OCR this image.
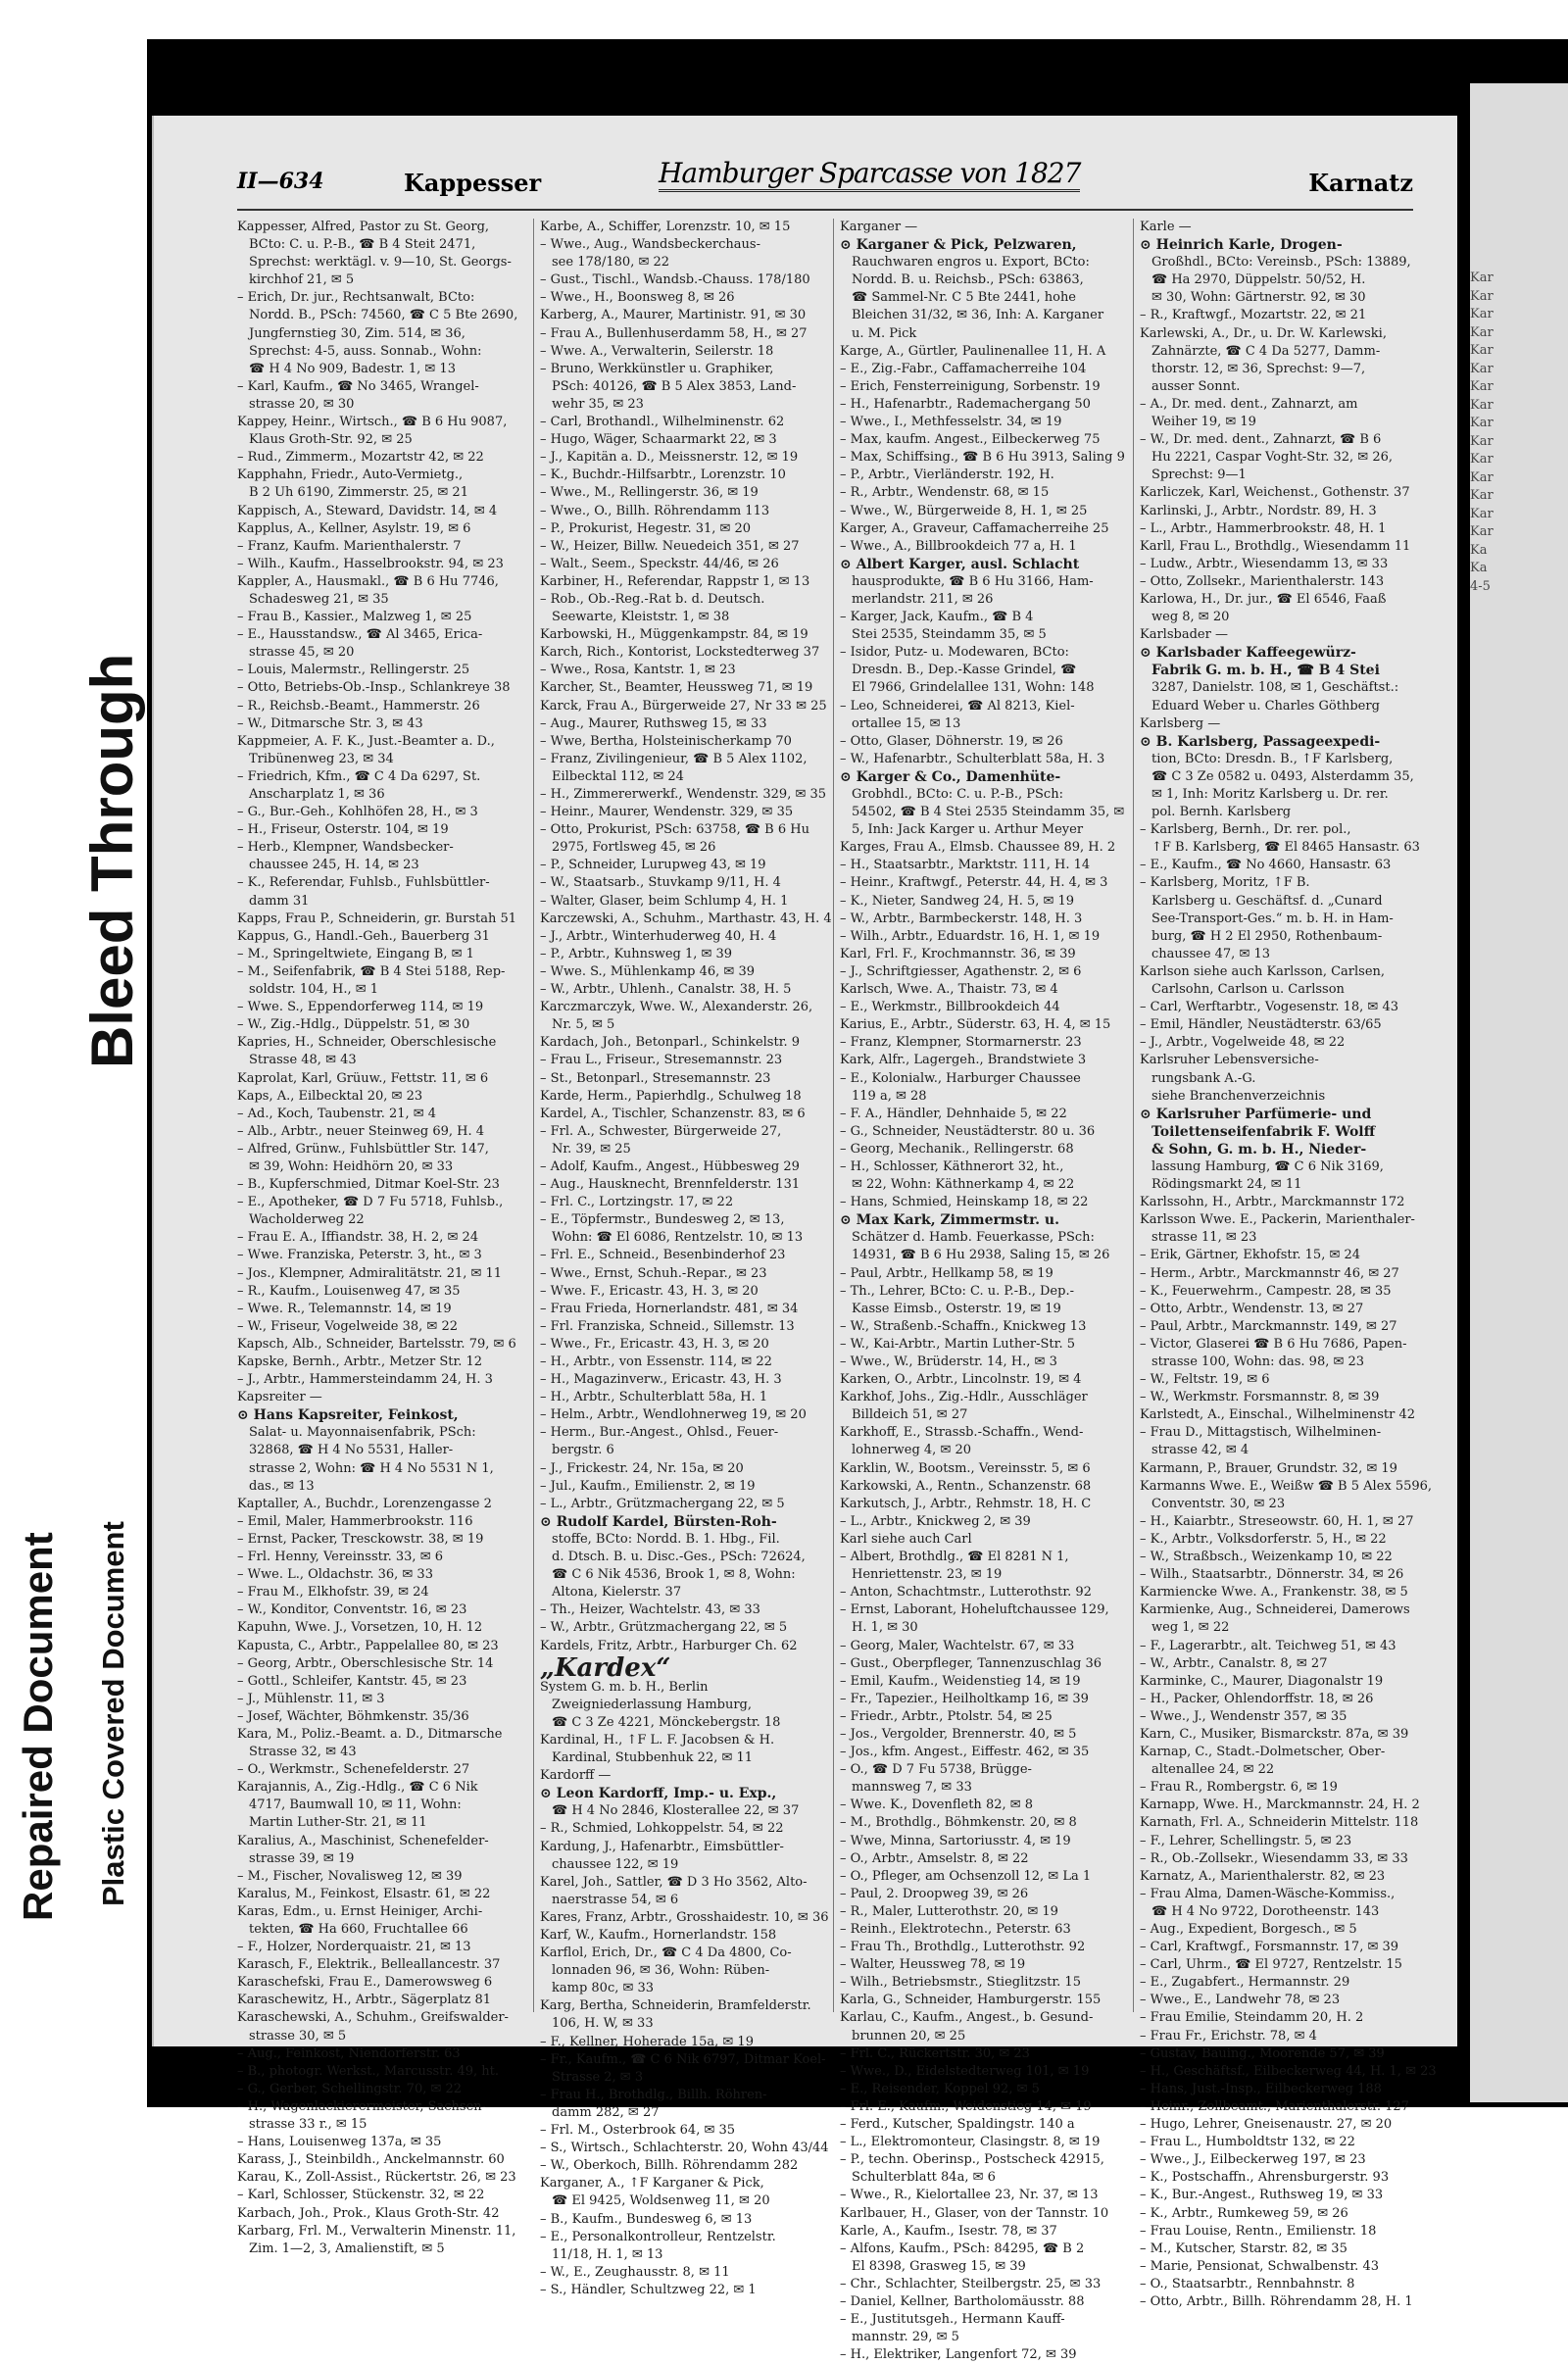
Bleed Through
Repaired Document Plastic Covered Document
II—634	Kappesser	Hamburger Sparcasse von 1827	Karnatz
Kappesser, Alfred, Pastor zu St. Georg,
BCto: C. u. P.-B., ☎ B 4 Steit 2471,
Sprechst: werktägl. v. 9—10, St. Georgs-
kirchhof 21, ✉ 5
– Erich, Dr. jur., Rechtsanwalt, BCto:
Nordd. B., PSch: 74560, ☎ C 5 Bte 2690,
Jungfernstieg 30, Zim. 514, ✉ 36,
Sprechst: 4-5, auss. Sonnab., Wohn:
☎ H 4 No 909, Badestr. 1, ✉ 13
– Karl, Kaufm., ☎ No 3465, Wrangel-
strasse 20, ✉ 30
Kappey, Heinr., Wirtsch., ☎ B 6 Hu 9087,
Klaus Groth-Str. 92, ✉ 25
– Rud., Zimmerm., Mozartstr 42, ✉ 22
Kapphahn, Friedr., Auto-Vermietg.,
B 2 Uh 6190, Zimmerstr. 25, ✉ 21
Kappisch, A., Steward, Davidstr. 14, ✉ 4
Kapplus, A., Kellner, Asylstr. 19, ✉ 6
– Franz, Kaufm. Marienthalerstr. 7
– Wilh., Kaufm., Hasselbrookstr. 94, ✉ 23
Kappler, A., Hausmakl., ☎ B 6 Hu 7746,
Schadesweg 21, ✉ 35
– Frau B., Kassier., Malzweg 1, ✉ 25
– E., Hausstandsw., ☎ Al 3465, Erica-
strasse 45, ✉ 20
– Louis, Malermstr., Rellingerstr. 25
– Otto, Betriebs-Ob.-Insp., Schlankreye 38
– R., Reichsb.-Beamt., Hammerstr. 26
– W., Ditmarsche Str. 3, ✉ 43
Kappmeier, A. F. K., Just.-Beamter a. D.,
Tribünenweg 23, ✉ 34
– Friedrich, Kfm., ☎ C 4 Da 6297, St.
Anscharplatz 1, ✉ 36
– G., Bur.-Geh., Kohlhöfen 28, H., ✉ 3
– H., Friseur, Osterstr. 104, ✉ 19
– Herb., Klempner, Wandsbecker-
chaussee 245, H. 14, ✉ 23
– K., Referendar, Fuhlsb., Fuhlsbüttler-
damm 31
Kapps, Frau P., Schneiderin, gr. Burstah 51
Kappus, G., Handl.-Geh., Bauerberg 31
– M., Springeltwiete, Eingang B, ✉ 1
– M., Seifenfabrik, ☎ B 4 Stei 5188, Rep-
soldstr. 104, H., ✉ 1
– Wwe. S., Eppendorferweg 114, ✉ 19
– W., Zig.-Hdlg., Düppelstr. 51, ✉ 30
Kapries, H., Schneider, Oberschlesische
Strasse 48, ✉ 43
Kaprolat, Karl, Grüuw., Fettstr. 11, ✉ 6
Kaps, A., Eilbecktal 20, ✉ 23
– Ad., Koch, Taubenstr. 21, ✉ 4
– Alb., Arbtr., neuer Steinweg 69, H. 4
– Alfred, Grünw., Fuhlsbüttler Str. 147,
✉ 39, Wohn: Heidhörn 20, ✉ 33
– B., Kupferschmied, Ditmar Koel-Str. 23
– E., Apotheker, ☎ D 7 Fu 5718, Fuhlsb.,
Wacholderweg 22
– Frau E. A., Iffiandstr. 38, H. 2, ✉ 24
– Wwe. Franziska, Peterstr. 3, ht., ✉ 3
– Jos., Klempner, Admiralitätstr. 21, ✉ 11
– R., Kaufm., Louisenweg 47, ✉ 35
– Wwe. R., Telemannstr. 14, ✉ 19
– W., Friseur, Vogelweide 38, ✉ 22
Kapsch, Alb., Schneider, Bartelsstr. 79, ✉ 6
Kapske, Bernh., Arbtr., Metzer Str. 12
– J., Arbtr., Hammersteindamm 24, H. 3
Kapsreiter —
⊙ Hans Kapsreiter, Feinkost,
Salat- u. Mayonnaisenfabrik, PSch:
32868, ☎ H 4 No 5531, Haller-
strasse 2, Wohn: ☎ H 4 No 5531 N 1,
das., ✉ 13
Kaptaller, A., Buchdr., Lorenzengasse 2
– Emil, Maler, Hammerbrookstr. 116
– Ernst, Packer, Tresckowstr. 38, ✉ 19
– Frl. Henny, Vereinsstr. 33, ✉ 6
– Wwe. L., Oldachstr. 36, ✉ 33
– Frau M., Elkhofstr. 39, ✉ 24
– W., Konditor, Conventstr. 16, ✉ 23
Kapuhn, Wwe. J., Vorsetzen, 10, H. 12
Kapusta, C., Arbtr., Pappelallee 80, ✉ 23
– Georg, Arbtr., Oberschlesische Str. 14
– Gottl., Schleifer, Kantstr. 45, ✉ 23
– J., Mühlenstr. 11, ✉ 3
– Josef, Wächter, Böhmkenstr. 35/36
Kara, M., Poliz.-Beamt. a. D., Ditmarsche
Strasse 32, ✉ 43
– O., Werkmstr., Schenefelderstr. 27
Karajannis, A., Zig.-Hdlg., ☎ C 6 Nik
4717, Baumwall 10, ✉ 11, Wohn:
Martin Luther-Str. 21, ✉ 11
Karalius, A., Maschinist, Schenefelder-
strasse 39, ✉ 19
– M., Fischer, Novalisweg 12, ✉ 39
Karalus, M., Feinkost, Elsastr. 61, ✉ 22
Karas, Edm., u. Ernst Heiniger, Archi-
tekten, ☎ Ha 660, Fruchtallee 66
– F., Holzer, Norderquaistr. 21, ✉ 13
Karasch, F., Elektrik., Belleallancestr. 37
Karaschefski, Frau E., Damerowsweg 6
Karaschewitz, H., Arbtr., Sägerplatz 81
Karaschewski, A., Schuhm., Greifswalder-
strasse 30, ✉ 5
– Aug., Feinkost, Niendorferstr. 63
– B., photogr. Werkst., Marcusstr. 49, ht.
– G., Gerber, Schellingstr. 70, ✉ 22
– H., Wagenlackierermeister, Sachsen-
strasse 33 r., ✉ 15
– Hans, Louisenweg 137a, ✉ 35
Karass, J., Steinbildh., Anckelmannstr. 60
Karau, K., Zoll-Assist., Rückertstr. 26, ✉ 23
– Karl, Schlosser, Stückenstr. 32, ✉ 22
Karbach, Joh., Prok., Klaus Groth-Str. 42
Karbarg, Frl. M., Verwalterin Minenstr. 11,
Zim. 1—2, 3, Amalienstift, ✉ 5
Karbe, A., Schiffer, Lorenzstr. 10, ✉ 15
– Wwe., Aug., Wandsbeckerchaus-
see 178/180, ✉ 22
– Gust., Tischl., Wandsb.-Chauss. 178/180
– Wwe., H., Boonsweg 8, ✉ 26
Karberg, A., Maurer, Martinistr. 91, ✉ 30
– Frau A., Bullenhuserdamm 58, H., ✉ 27
– Wwe. A., Verwalterin, Seilerstr. 18
– Bruno, Werkkünstler u. Graphiker,
PSch: 40126, ☎ B 5 Alex 3853, Land-
wehr 35, ✉ 23
– Carl, Brothandl., Wilhelminenstr. 62
– Hugo, Wäger, Schaarmarkt 22, ✉ 3
– J., Kapitän a. D., Meissnerstr. 12, ✉ 19
– K., Buchdr.-Hilfsarbtr., Lorenzstr. 10
– Wwe., M., Rellingerstr. 36, ✉ 19
– Wwe., O., Billh. Röhrendamm 113
– P., Prokurist, Hegestr. 31, ✉ 20
– W., Heizer, Billw. Neuedeich 351, ✉ 27
– Walt., Seem., Speckstr. 44/46, ✉ 26
Karbiner, H., Referendar, Rappstr 1, ✉ 13
– Rob., Ob.-Reg.-Rat b. d. Deutsch.
Seewarte, Kleiststr. 1, ✉ 38
Karbowski, H., Müggenkampstr. 84, ✉ 19
Karch, Rich., Kontorist, Lockstedterweg 37
– Wwe., Rosa, Kantstr. 1, ✉ 23
Karcher, St., Beamter, Heussweg 71, ✉ 19
Karck, Frau A., Bürgerweide 27, Nr 33 ✉ 25
– Aug., Maurer, Ruthsweg 15, ✉ 33
– Wwe, Bertha, Holsteinischerkamp 70
– Franz, Zivilingenieur, ☎ B 5 Alex 1102,
Eilbecktal 112, ✉ 24
– H., Zimmererwerkf., Wendenstr. 329, ✉ 35
– Heinr., Maurer, Wendenstr. 329, ✉ 35
– Otto, Prokurist, PSch: 63758, ☎ B 6 Hu
2975, Fortlsweg 45, ✉ 26
– P., Schneider, Lurupweg 43, ✉ 19
– W., Staatsarb., Stuvkamp 9/11, H. 4
– Walter, Glaser, beim Schlump 4, H. 1
Karczewski, A., Schuhm., Marthastr. 43, H. 4
– J., Arbtr., Winterhuderweg 40, H. 4
– P., Arbtr., Kuhnsweg 1, ✉ 39
– Wwe. S., Mühlenkamp 46, ✉ 39
– W., Arbtr., Uhlenh., Canalstr. 38, H. 5
Karczmarczyk, Wwe. W., Alexanderstr. 26,
Nr. 5, ✉ 5
Kardach, Joh., Betonparl., Schinkelstr. 9
– Frau L., Friseur., Stresemannstr. 23
– St., Betonparl., Stresemannstr. 23
Karde, Herm., Papierhdlg., Schulweg 18
Kardel, A., Tischler, Schanzenstr. 83, ✉ 6
– Frl. A., Schwester, Bürgerweide 27,
Nr. 39, ✉ 25
– Adolf, Kaufm., Angest., Hübbesweg 29
– Aug., Hausknecht, Brennfelderstr. 131
– Frl. C., Lortzingstr. 17, ✉ 22
– E., Töpfermstr., Bundesweg 2, ✉ 13,
Wohn: ☎ El 6086, Rentzelstr. 10, ✉ 13
– Frl. E., Schneid., Besenbinderhof 23
– Wwe., Ernst, Schuh.-Repar., ✉ 23
– Wwe. F., Ericastr. 43, H. 3, ✉ 20
– Frau Frieda, Hornerlandstr. 481, ✉ 34
– Frl. Franziska, Schneid., Sillemstr. 13
– Wwe., Fr., Ericastr. 43, H. 3, ✉ 20
– H., Arbtr., von Essenstr. 114, ✉ 22
– H., Magazinverw., Ericastr. 43, H. 3
– H., Arbtr., Schulterblatt 58a, H. 1
– Helm., Arbtr., Wendlohnerweg 19, ✉ 20
– Herm., Bur.-Angest., Ohlsd., Feuer-
bergstr. 6
– J., Frickestr. 24, Nr. 15a, ✉ 20
– Jul., Kaufm., Emilienstr. 2, ✉ 19
– L., Arbtr., Grützmachergang 22, ✉ 5
⊙ Rudolf Kardel, Bürsten-Roh-
stoffe, BCto: Nordd. B. 1. Hbg., Fil.
d. Dtsch. B. u. Disc.-Ges., PSch: 72624,
☎ C 6 Nik 4536, Brook 1, ✉ 8, Wohn:
Altona, Kielerstr. 37
– Th., Heizer, Wachtelstr. 43, ✉ 33
– W., Arbtr., Grützmachergang 22, ✉ 5
Kardels, Fritz, Arbtr., Harburger Ch. 62
„Kardex“
System G. m. b. H., Berlin
Zweigniederlassung Hamburg,
☎ C 3 Ze 4221, Mönckebergstr. 18
Kardinal, H., ↑F L. F. Jacobsen & H.
Kardinal, Stubbenhuk 22, ✉ 11
Kardorff —
⊙ Leon Kardorff, Imp.- u. Exp.,
☎ H 4 No 2846, Klosterallee 22, ✉ 37
– R., Schmied, Lohkoppelstr. 54, ✉ 22
Kardung, J., Hafenarbtr., Eimsbüttler-
chaussee 122, ✉ 19
Karel, Joh., Sattler, ☎ D 3 Ho 3562, Alto-
naerstrasse 54, ✉ 6
Kares, Franz, Arbtr., Grosshaidestr. 10, ✉ 36
Karf, W., Kaufm., Hornerlandstr. 158
Karflol, Erich, Dr., ☎ C 4 Da 4800, Co-
lonnaden 96, ✉ 36, Wohn: Rüben-
kamp 80c, ✉ 33
Karg, Bertha, Schneiderin, Bramfelderstr.
106, H. W, ✉ 33
– F., Kellner, Hoherade 15a, ✉ 19
– Fr., Kaufm., ☎ C 6 Nik 6797, Ditmar Koel-
Strasse 2, ✉ 3
– Frau H., Brothdlg., Billh. Röhren-
damm 282, ✉ 27
– Frl. M., Osterbrook 64, ✉ 35
– S., Wirtsch., Schlachterstr. 20, Wohn 43/44
– W., Oberkoch, Billh. Röhrendamm 282
Karganer, A., ↑F Karganer & Pick,
☎ El 9425, Woldsenweg 11, ✉ 20
– B., Kaufm., Bundesweg 6, ✉ 13
– E., Personalkontrolleur, Rentzelstr.
11/18, H. 1, ✉ 13
– W., E., Zeughausstr. 8, ✉ 11
– S., Händler, Schultzweg 22, ✉ 1
Karganer —
⊙ Karganer & Pick, Pelzwaren,
Rauchwaren engros u. Export, BCto:
Nordd. B. u. Reichsb., PSch: 63863,
☎ Sammel-Nr. C 5 Bte 2441, hohe
Bleichen 31/32, ✉ 36, Inh: A. Karganer
u. M. Pick
Karge, A., Gürtler, Paulinenallee 11, H. A
– E., Zig.-Fabr., Caffamacherreihe 104
– Erich, Fensterreinigung, Sorbenstr. 19
– H., Hafenarbtr., Rademachergang 50
– Wwe., I., Methfesselstr. 34, ✉ 19
– Max, kaufm. Angest., Eilbeckerweg 75
– Max, Schiffsing., ☎ B 6 Hu 3913, Saling 9
– P., Arbtr., Vierländerstr. 192, H.
– R., Arbtr., Wendenstr. 68, ✉ 15
– Wwe., W., Bürgerweide 8, H. 1, ✉ 25
Karger, A., Graveur, Caffamacherreihe 25
– Wwe., A., Billbrookdeich 77 a, H. 1
⊙ Albert Karger, ausl. Schlacht
hausprodukte, ☎ B 6 Hu 3166, Ham-
merlandstr. 211, ✉ 26
– Karger, Jack, Kaufm., ☎ B 4
Stei 2535, Steindamm 35, ✉ 5
– Isidor, Putz- u. Modewaren, BCto:
Dresdn. B., Dep.-Kasse Grindel, ☎
El 7966, Grindelallee 131, Wohn: 148
– Leo, Schneiderei, ☎ Al 8213, Kiel-
ortallee 15, ✉ 13
– Otto, Glaser, Döhnerstr. 19, ✉ 26
– W., Hafenarbtr., Schulterblatt 58a, H. 3
⊙ Karger & Co., Damenhüte-
Grobhdl., BCto: C. u. P.-B., PSch:
54502, ☎ B 4 Stei 2535 Steindamm 35, ✉
5, Inh: Jack Karger u. Arthur Meyer
Karges, Frau A., Elmsb. Chaussee 89, H. 2
– H., Staatsarbtr., Marktstr. 111, H. 14
– Heinr., Kraftwgf., Peterstr. 44, H. 4, ✉ 3
– K., Nieter, Sandweg 24, H. 5, ✉ 19
– W., Arbtr., Barmbeckerstr. 148, H. 3
– Wilh., Arbtr., Eduardstr. 16, H. 1, ✉ 19
Karl, Frl. F., Krochmannstr. 36, ✉ 39
– J., Schriftgiesser, Agathenstr. 2, ✉ 6
Karlsch, Wwe. A., Thaistr. 73, ✉ 4
– E., Werkmstr., Billbrookdeich 44
Karius, E., Arbtr., Süderstr. 63, H. 4, ✉ 15
– Franz, Klempner, Stormarnerstr. 23
Kark, Alfr., Lagergeh., Brandstwiete 3
– E., Kolonialw., Harburger Chaussee
119 a, ✉ 28
– F. A., Händler, Dehnhaide 5, ✉ 22
– G., Schneider, Neustädterstr. 80 u. 36
– Georg, Mechanik., Rellingerstr. 68
– H., Schlosser, Käthnerort 32, ht.,
✉ 22, Wohn: Käthnerkamp 4, ✉ 22
– Hans, Schmied, Heinskamp 18, ✉ 22
⊙ Max Kark, Zimmermstr. u.
Schätzer d. Hamb. Feuerkasse, PSch:
14931, ☎ B 6 Hu 2938, Saling 15, ✉ 26
– Paul, Arbtr., Hellkamp 58, ✉ 19
– Th., Lehrer, BCto: C. u. P.-B., Dep.-
Kasse Eimsb., Osterstr. 19, ✉ 19
– W., Straßenb.-Schaffn., Knickweg 13
– W., Kai-Arbtr., Martin Luther-Str. 5
– Wwe., W., Brüderstr. 14, H., ✉ 3
Karken, O., Arbtr., Lincolnstr. 19, ✉ 4
Karkhof, Johs., Zig.-Hdlr., Ausschläger
Billdeich 51, ✉ 27
Karkhoff, E., Strassb.-Schaffn., Wend-
lohnerweg 4, ✉ 20
Karklin, W., Bootsm., Vereinsstr. 5, ✉ 6
Karkowski, A., Rentn., Schanzenstr. 68
Karkutsch, J., Arbtr., Rehmstr. 18, H. C
– L., Arbtr., Knickweg 2, ✉ 39
Karl siehe auch Carl
– Albert, Brothdlg., ☎ El 8281 N 1,
Henriettenstr. 23, ✉ 19
– Anton, Schachtmstr., Lutterothstr. 92
– Ernst, Laborant, Hoheluftchaussee 129,
H. 1, ✉ 30
– Georg, Maler, Wachtelstr. 67, ✉ 33
– Gust., Oberpfleger, Tannenzuschlag 36
– Emil, Kaufm., Weidenstieg 14, ✉ 19
– Fr., Tapezier., Heilholtkamp 16, ✉ 39
– Friedr., Arbtr., Ptolstr. 54, ✉ 25
– Jos., Vergolder, Brennerstr. 40, ✉ 5
– Jos., kfm. Angest., Eiffestr. 462, ✉ 35
– O., ☎ D 7 Fu 5738, Brügge-
mannsweg 7, ✉ 33
– Wwe. K., Dovenfleth 82, ✉ 8
– M., Brothdlg., Böhmkenstr. 20, ✉ 8
– Wwe, Minna, Sartoriusstr. 4, ✉ 19
– O., Arbtr., Amselstr. 8, ✉ 22
– O., Pfleger, am Ochsenzoll 12, ✉ La 1
– Paul, 2. Droopweg 39, ✉ 26
– R., Maler, Lutterothstr. 20, ✉ 19
– Reinh., Elektrotechn., Peterstr. 63
– Frau Th., Brothdlg., Lutterothstr. 92
– Walter, Heussweg 78, ✉ 19
– Wilh., Betriebsmstr., Stieglitzstr. 15
Karla, G., Schneider, Hamburgerstr. 155
Karlau, C., Kaufm., Angest., b. Gesund-
brunnen 20, ✉ 25
– Frl. C., Rückertstr. 30, ✉ 23
– Wwe., D., Eidelstedterweg 101, ✉ 19
– E., Reisender, Koppel 92, ✉ 5
– Frl. E., Kaufm., Weidenstieg 14, ✉ 19
– Ferd., Kutscher, Spaldingstr. 140 a
– L., Elektromonteur, Clasingstr. 8, ✉ 19
– P., techn. Oberinsp., Postscheck 42915,
Schulterblatt 84a, ✉ 6
– Wwe., R., Kielortallee 23, Nr. 37, ✉ 13
Karlbauer, H., Glaser, von der Tannstr. 10
Karle, A., Kaufm., Isestr. 78, ✉ 37
– Alfons, Kaufm., PSch: 84295, ☎ B 2
El 8398, Grasweg 15, ✉ 39
– Chr., Schlachter, Steilbergstr. 25, ✉ 33
– Daniel, Kellner, Bartholomäusstr. 88
– E., Justitutsgeh., Hermann Kauff-
mannstr. 29, ✉ 5
– H., Elektriker, Langenfort 72, ✉ 39
Karle —
⊙ Heinrich Karle, Drogen-
Großhdl., BCto: Vereinsb., PSch: 13889,
☎ Ha 2970, Düppelstr. 50/52, H.
✉ 30, Wohn: Gärtnerstr. 92, ✉ 30
– R., Kraftwgf., Mozartstr. 22, ✉ 21
Karlewski, A., Dr., u. Dr. W. Karlewski,
Zahnärzte, ☎ C 4 Da 5277, Damm-
thorstr. 12, ✉ 36, Sprechst: 9—7,
ausser Sonnt.
– A., Dr. med. dent., Zahnarzt, am
Weiher 19, ✉ 19
– W., Dr. med. dent., Zahnarzt, ☎ B 6
Hu 2221, Caspar Voght-Str. 32, ✉ 26,
Sprechst: 9—1
Karliczek, Karl, Weichenst., Gothenstr. 37
Karlinski, J., Arbtr., Nordstr. 89, H. 3
– L., Arbtr., Hammerbrookstr. 48, H. 1
Karll, Frau L., Brothdlg., Wiesendamm 11
– Ludw., Arbtr., Wiesendamm 13, ✉ 33
– Otto, Zollsekr., Marienthalerstr. 143
Karlowa, H., Dr. jur., ☎ El 6546, Faaß
weg 8, ✉ 20
Karlsbader —
⊙ Karlsbader Kaffeegewürz-
Fabrik G. m. b. H., ☎ B 4 Stei
3287, Danielstr. 108, ✉ 1, Geschäftst.:
Eduard Weber u. Charles Göthberg
Karlsberg —
⊙ B. Karlsberg, Passageexpedi-
tion, BCto: Dresdn. B., ↑F Karlsberg,
☎ C 3 Ze 0582 u. 0493, Alsterdamm 35,
✉ 1, Inh: Moritz Karlsberg u. Dr. rer.
pol. Bernh. Karlsberg
– Karlsberg, Bernh., Dr. rer. pol.,
↑F B. Karlsberg, ☎ El 8465 Hansastr. 63
– E., Kaufm., ☎ No 4660, Hansastr. 63
– Karlsberg, Moritz, ↑F B.
Karlsberg u. Geschäftsf. d. „Cunard
See-Transport-Ges.“ m. b. H. in Ham-
burg, ☎ H 2 El 2950, Rothenbaum-
chaussee 47, ✉ 13
Karlson siehe auch Karlsson, Carlsen,
Carlsohn, Carlson u. Carlsson
– Carl, Werftarbtr., Vogesenstr. 18, ✉ 43
– Emil, Händler, Neustädterstr. 63/65
– J., Arbtr., Vogelweide 48, ✉ 22
Karlsruher Lebensversiche-
rungsbank A.-G.
siehe Branchenverzeichnis
⊙ Karlsruher Parfümerie- und
Toilettenseifenfabrik F. Wolff
& Sohn, G. m. b. H., Nieder-
lassung Hamburg, ☎ C 6 Nik 3169,
Rödingsmarkt 24, ✉ 11
Karlssohn, H., Arbtr., Marckmannstr 172
Karlsson Wwe. E., Packerin, Marienthaler-
strasse 11, ✉ 23
– Erik, Gärtner, Ekhofstr. 15, ✉ 24
– Herm., Arbtr., Marckmannstr 46, ✉ 27
– K., Feuerwehrm., Campestr. 28, ✉ 35
– Otto, Arbtr., Wendenstr. 13, ✉ 27
– Paul, Arbtr., Marckmannstr. 149, ✉ 27
– Victor, Glaserei ☎ B 6 Hu 7686, Papen-
strasse 100, Wohn: das. 98, ✉ 23
– W., Feltstr. 19, ✉ 6
– W., Werkmstr. Forsmannstr. 8, ✉ 39
Karlstedt, A., Einschal., Wilhelminenstr 42
– Frau D., Mittagstisch, Wilhelminen-
strasse 42, ✉ 4
Karmann, P., Brauer, Grundstr. 32, ✉ 19
Karmanns Wwe. E., Weißw ☎ B 5 Alex 5596,
Conventstr. 30, ✉ 23
– H., Kaiarbtr., Streseowstr. 60, H. 1, ✉ 27
– K., Arbtr., Volksdorferstr. 5, H., ✉ 22
– W., Straßbsch., Weizenkamp 10, ✉ 22
– Wilh., Staatsarbtr., Dönnerstr. 34, ✉ 26
Karmiencke Wwe. A., Frankenstr. 38, ✉ 5
Karmienke, Aug., Schneiderei, Damerows
weg 1, ✉ 22
– F., Lagerarbtr., alt. Teichweg 51, ✉ 43
– W., Arbtr., Canalstr. 8, ✉ 27
Karminke, C., Maurer, Diagonalstr 19
– H., Packer, Ohlendorffstr. 18, ✉ 26
– Wwe., J., Wendenstr 357, ✉ 35
Karn, C., Musiker, Bismarckstr. 87a, ✉ 39
Karnap, C., Stadt.-Dolmetscher, Ober-
altenallee 24, ✉ 22
– Frau R., Rombergstr. 6, ✉ 19
Karnapp, Wwe. H., Marckmannstr. 24, H. 2
Karnath, Frl. A., Schneiderin Mittelstr. 118
– F., Lehrer, Schellingstr. 5, ✉ 23
– R., Ob.-Zollsekr., Wiesendamm 33, ✉ 33
Karnatz, A., Marienthalerstr. 82, ✉ 23
– Frau Alma, Damen-Wäsche-Kommiss.,
☎ H 4 No 9722, Dorotheenstr. 143
– Aug., Expedient, Borgesch., ✉ 5
– Carl, Kraftwgf., Forsmannstr. 17, ✉ 39
– Carl, Uhrm., ☎ El 9727, Rentzelstr. 15
– E., Zugabfert., Hermannstr. 29
– Wwe., E., Landwehr 78, ✉ 23
– Frau Emilie, Steindamm 20, H. 2
– Frau Fr., Erichstr. 78, ✉ 4
– Gustav, Bauing., Moorende 57, ✉ 39
– H., Geschäftsf., Eilbeckerweg 44, H. 1, ✉ 23
– Hans, Just.-Insp., Eilbeckerweg 188
– Heinr., Zollbeamt., Marienthalerstr. 127
– Hugo, Lehrer, Gneisenaustr. 27, ✉ 20
– Frau L., Humboldtstr 132, ✉ 22
– Wwe., J., Eilbeckerweg 197, ✉ 23
– K., Postschaffn., Ahrensburgerstr. 93
– K., Bur.-Angest., Ruthsweg 19, ✉ 33
– K., Arbtr., Rumkeweg 59, ✉ 26
– Frau Louise, Rentn., Emilienstr. 18
– M., Kutscher, Starstr. 82, ✉ 35
– Marie, Pensionat, Schwalbenstr. 43
– O., Staatsarbtr., Rennbahnstr. 8
– Otto, Arbtr., Billh. Röhrendamm 28, H. 1
Kar
Kar
Kar
Kar
Kar
Kar
Kar
Kar
Kar
Kar
Kar
Kar
Kar
Kar
Kar
Ka
Ka
4-5
